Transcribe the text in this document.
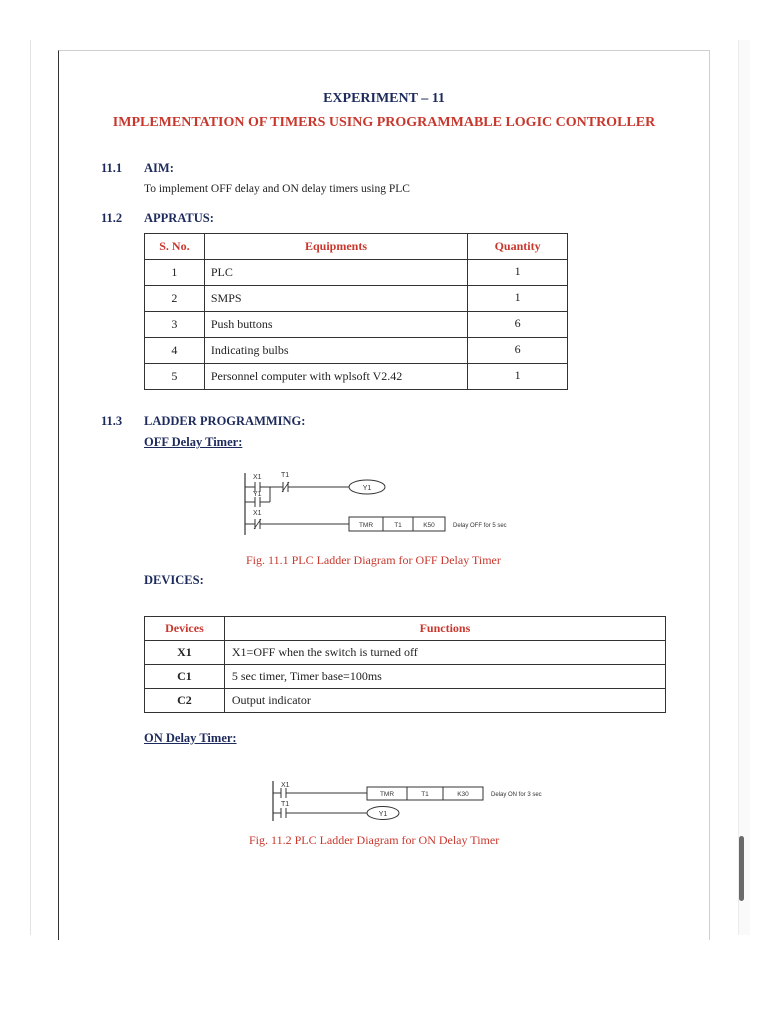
EXPERIMENT – 11
IMPLEMENTATION OF TIMERS USING PROGRAMMABLE LOGIC CONTROLLER
11.1 AIM:
To implement OFF delay and ON delay timers using PLC
11.2 APPRATUS:
S. No.	Equipments	Quantity
1	PLC	1
2	SMPS	1
3	Push buttons	6
4	Indicating bulbs	6
5	Personnel computer with wplsoft V2.42	1
11.3 LADDER PROGRAMMING:
OFF Delay Timer:
Y1
X1	T1
Y1
X1
TMR	T1	K50	Delay OFF for 5 sec
Fig. 11.1 PLC Ladder Diagram for OFF Delay Timer
DEVICES:
Devices	Functions
X1	X1=OFF when the switch is turned off
C1	5 sec timer, Timer base=100ms
C2	Output indicator
ON Delay Timer:
X1
TMR	T1	K30	Delay ON for 3 sec
T1
Y1
Fig. 11.2 PLC Ladder Diagram for ON Delay Timer
